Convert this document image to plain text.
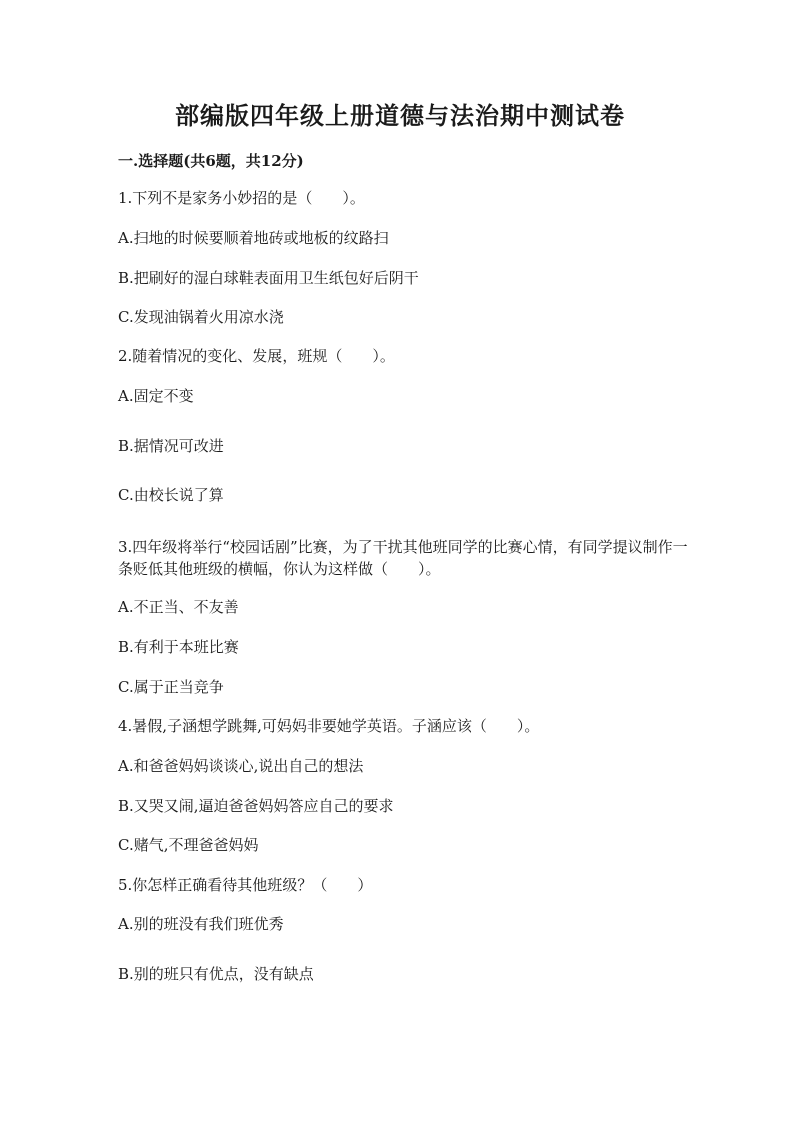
部编版四年级上册道德与法治期中测试卷
一.选择题(共6题，共12分)
1.下列不是家务小妙招的是（　　）。
A.扫地的时候要顺着地砖或地板的纹路扫
B.把刷好的湿白球鞋表面用卫生纸包好后阴干
C.发现油锅着火用凉水浇
2.随着情况的变化、发展，班规（　　）。
A.固定不变
B.据情况可改进
C.由校长说了算
3.四年级将举行“校园话剧”比赛，为了干扰其他班同学的比赛心情，有同学提议制作一条贬低其他班级的横幅，你认为这样做（　　）。
A.不正当、不友善
B.有利于本班比赛
C.属于正当竞争
4.暑假,子涵想学跳舞,可妈妈非要她学英语。子涵应该（　　）。
A.和爸爸妈妈谈谈心,说出自己的想法
B.又哭又闹,逼迫爸爸妈妈答应自己的要求
C.赌气,不理爸爸妈妈
5.你怎样正确看待其他班级？（　　）
A.别的班没有我们班优秀
B.别的班只有优点，没有缺点
